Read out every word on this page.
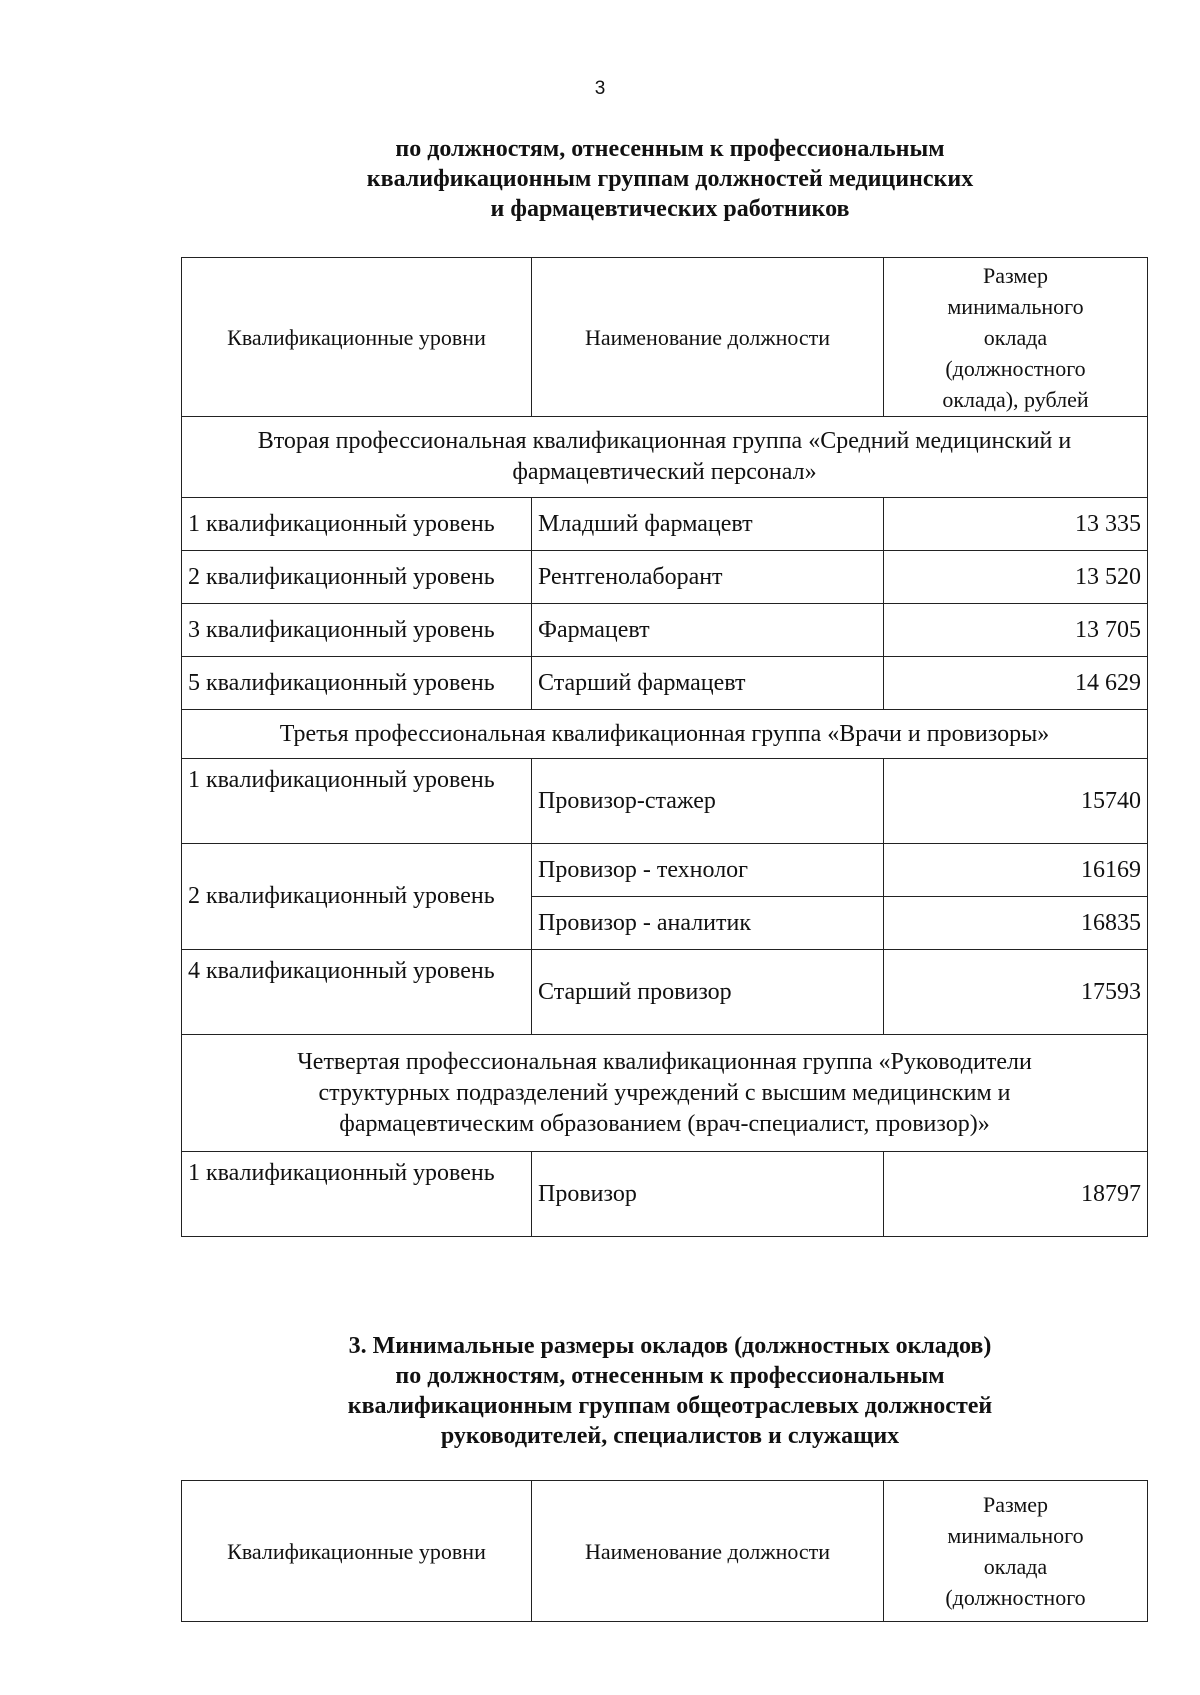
3
по должностям, отнесенным к профессиональным
квалификационным группам должностей медицинских
и фармацевтических работников
Квалификационные уровни	Наименование должности	Размер
минимального
оклада
(должностного
оклада), рублей

Вторая профессиональная квалификационная группа «Средний медицинский и
фармацевтический персонал»		

1 квалификационный уровень	Младший фармацевт	13 335
2 квалификационный уровень	Рентгенолаборант	13 520
3 квалификационный уровень	Фармацевт	13 705
5 квалификационный уровень	Старший фармацевт	14 629
Третья профессиональная квалификационная группа «Врачи и провизоры»		
1 квалификационный уровень	Провизор-стажер	15740
2 квалификационный уровень	Провизор - технолог	16169
	Провизор - аналитик	16835
4 квалификационный уровень	Старший провизор	17593

Четвертая профессиональная квалификационная группа «Руководители
структурных подразделений учреждений с высшим медицинским и
фармацевтическим образованием (врач-специалист, провизор)»		

1 квалификационный уровень	Провизор	18797
3. Минимальные размеры окладов (должностных окладов)
по должностям, отнесенным к профессиональным
квалификационным группам общеотраслевых должностей
руководителей, специалистов и служащих
Квалификационные уровни	Наименование должности	
Размер
минимального
оклада
(должностного
